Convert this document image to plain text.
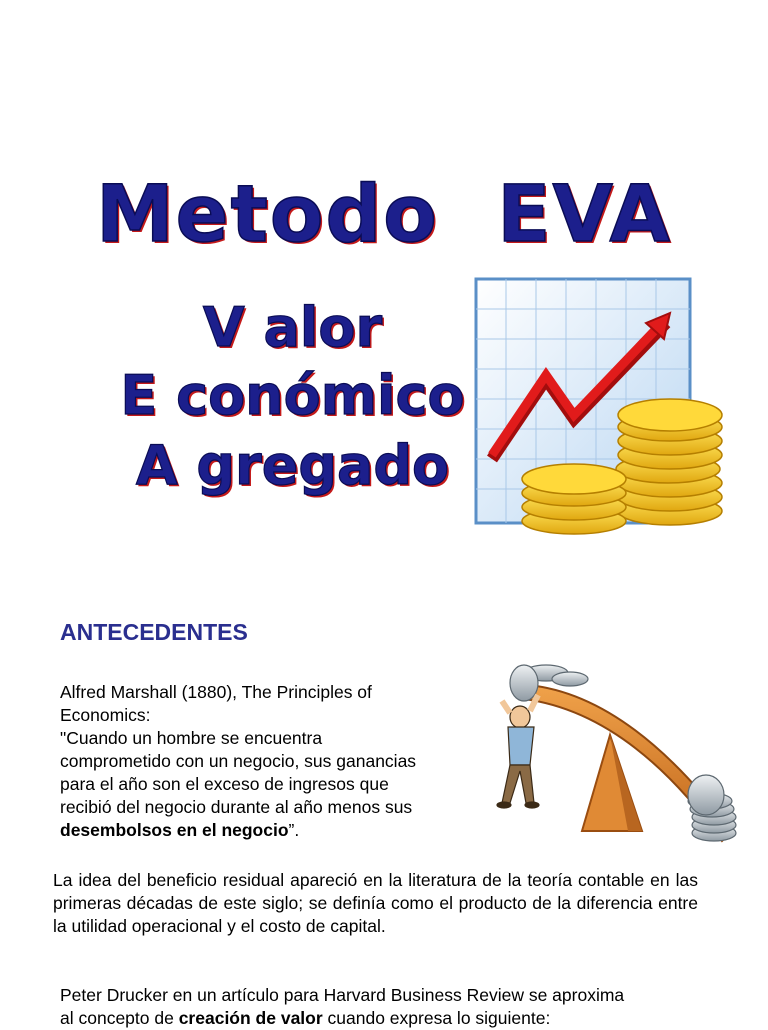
Metodo  EVA
V alor
E conómico
A gregado
ANTECEDENTES

Alfred Marshall (1880), The Principles of
Economics:
"Cuando un hombre se encuentra
comprometido con un negocio, sus ganancias
para el año son el exceso de ingresos que
recibió del negocio durante al año menos sus
desembolsos en el negocio”.

La idea del beneficio residual apareció en la literatura de la teoría contable en las primeras décadas de este siglo; se definía como el producto de la diferencia entre la utilidad operacional y el costo de capital.

Peter Drucker en un artículo para Harvard Business Review se aproxima
al concepto de creación de valor cuando expresa lo siguiente:
